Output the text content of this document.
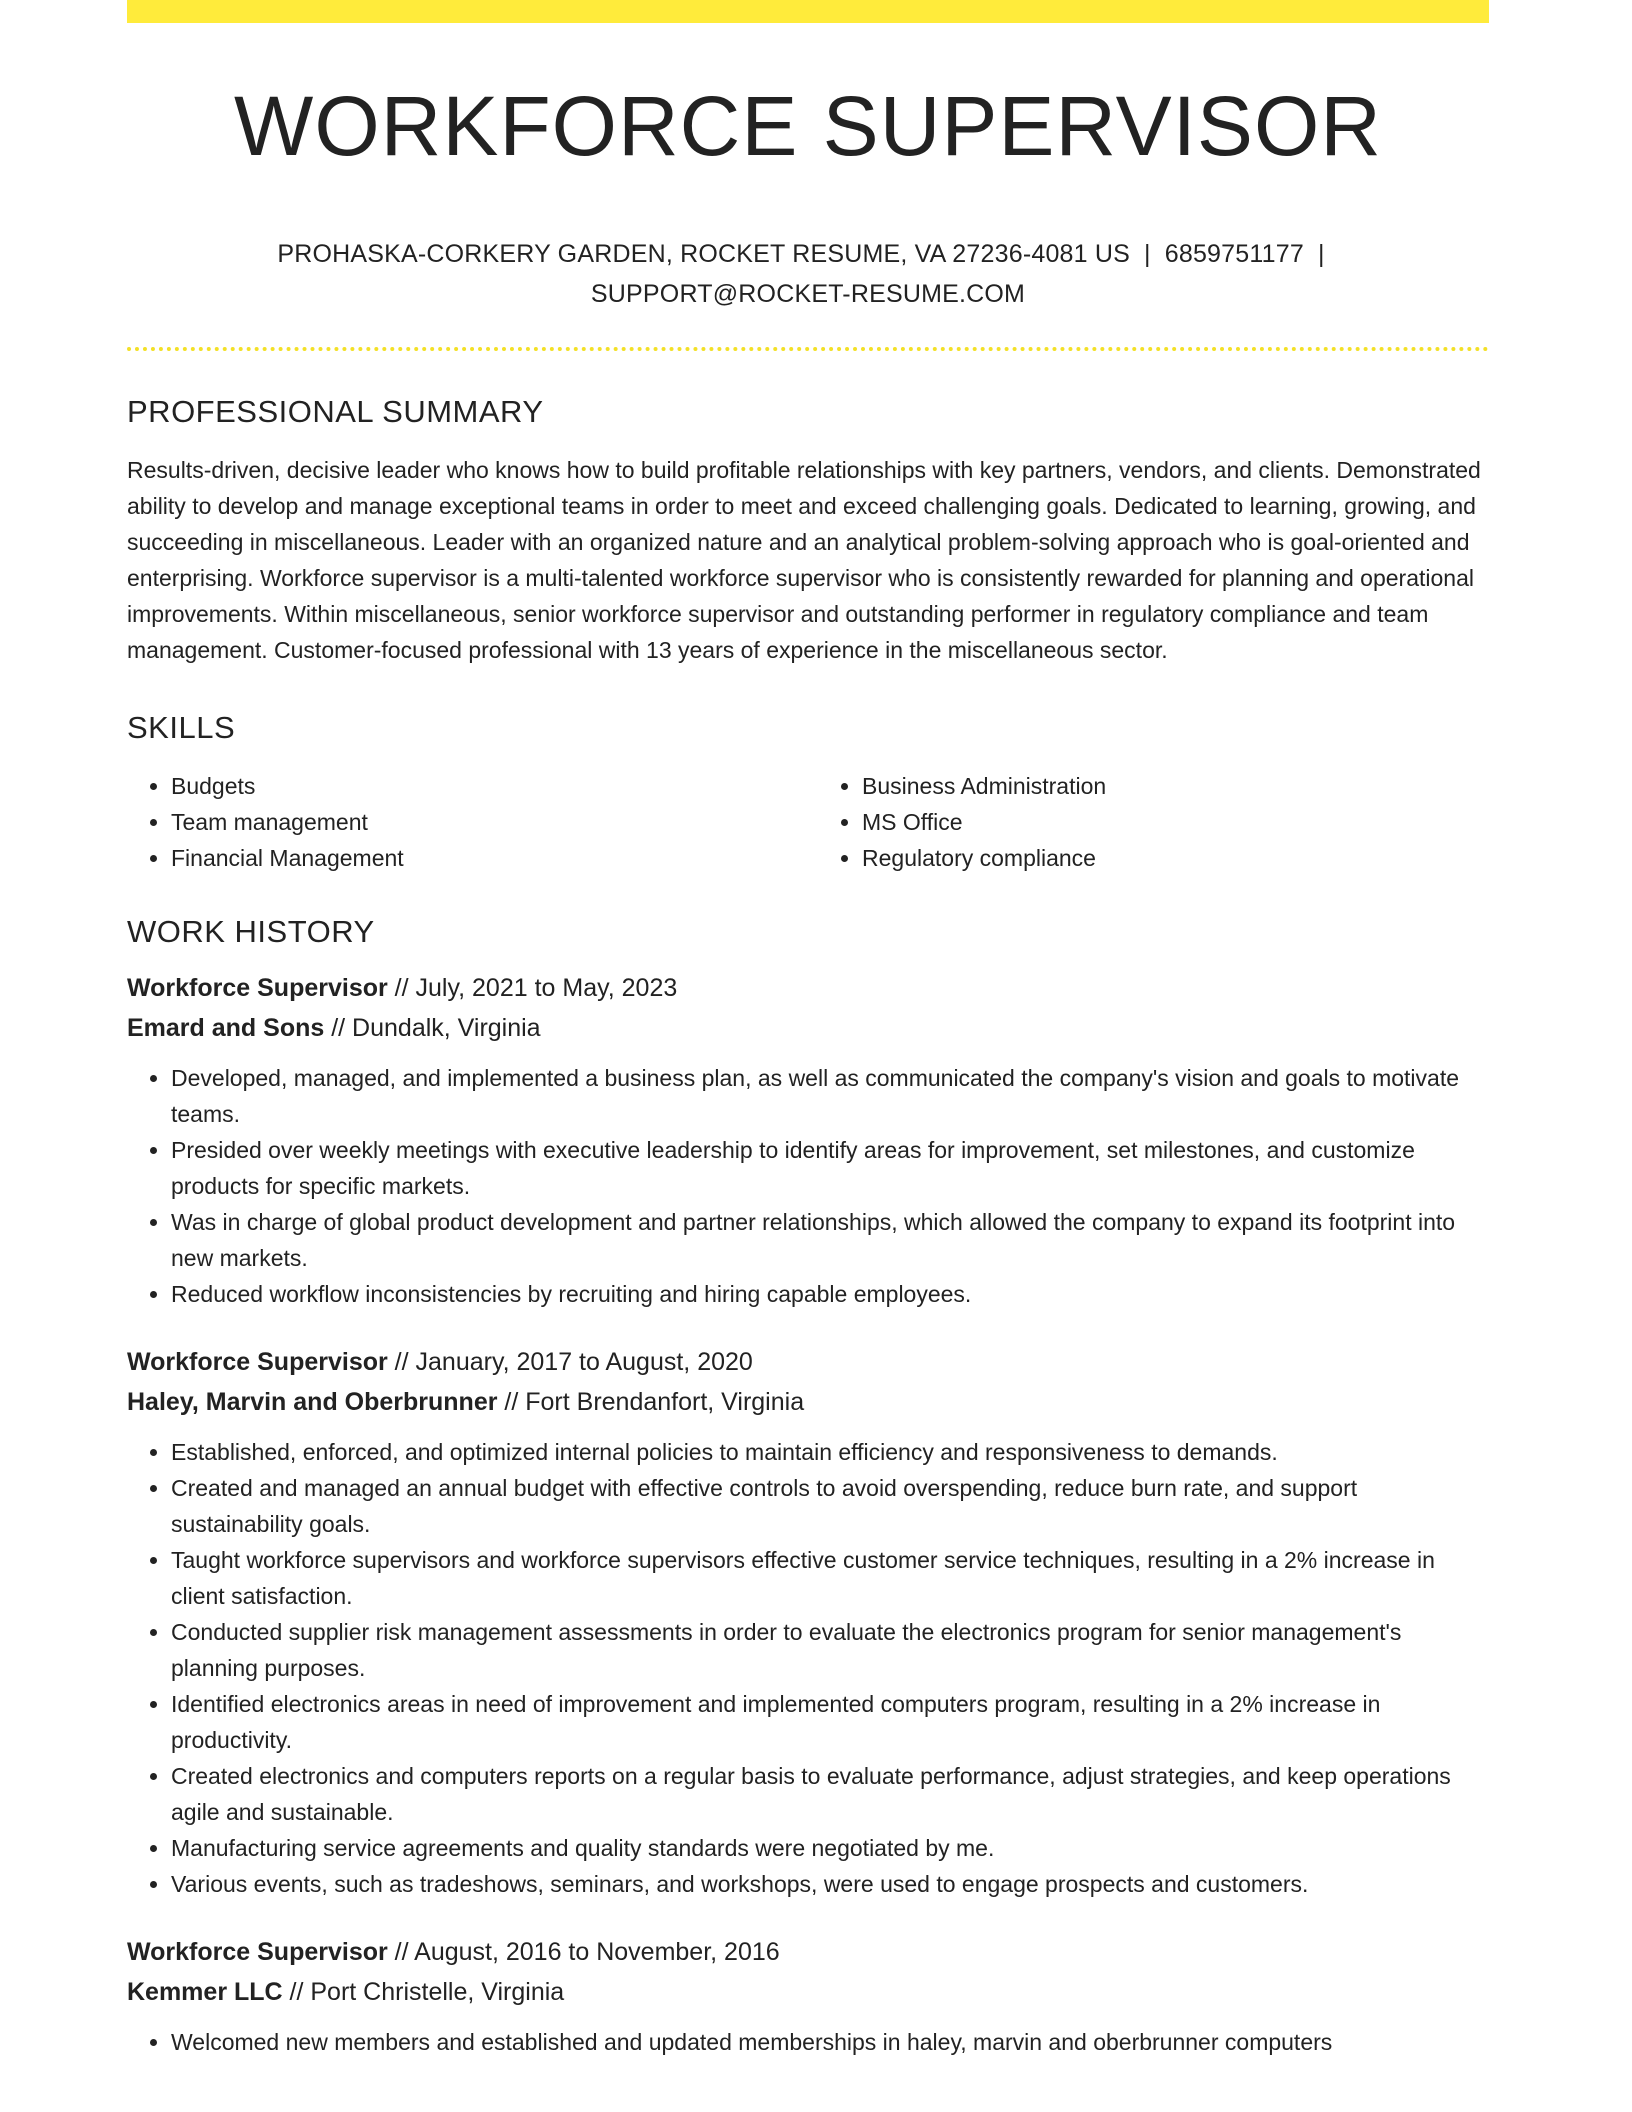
WORKFORCE SUPERVISOR
PROHASKA-CORKERY GARDEN, ROCKET RESUME, VA 27236-4081 US | 6859751177 |
SUPPORT@ROCKET-RESUME.COM
PROFESSIONAL SUMMARY
Results-driven, decisive leader who knows how to build profitable relationships with key partners, vendors, and clients. Demonstrated ability to develop and manage exceptional teams in order to meet and exceed challenging goals. Dedicated to learning, growing, and succeeding in miscellaneous. Leader with an organized nature and an analytical problem-solving approach who is goal-oriented and enterprising. Workforce supervisor is a multi-talented workforce supervisor who is consistently rewarded for planning and operational improvements. Within miscellaneous, senior workforce supervisor and outstanding performer in regulatory compliance and team management. Customer-focused professional with 13 years of experience in the miscellaneous sector.
SKILLS
• Budgets
• Team management
• Financial Management
• Business Administration
• MS Office
• Regulatory compliance
WORK HISTORY
Workforce Supervisor // July, 2021 to May, 2023
Emard and Sons // Dundalk, Virginia
• Developed, managed, and implemented a business plan, as well as communicated the company's vision and goals to motivate teams.
• Presided over weekly meetings with executive leadership to identify areas for improvement, set milestones, and customize products for specific markets.
• Was in charge of global product development and partner relationships, which allowed the company to expand its footprint into new markets.
• Reduced workflow inconsistencies by recruiting and hiring capable employees.
Workforce Supervisor // January, 2017 to August, 2020
Haley, Marvin and Oberbrunner // Fort Brendanfort, Virginia
• Established, enforced, and optimized internal policies to maintain efficiency and responsiveness to demands.
• Created and managed an annual budget with effective controls to avoid overspending, reduce burn rate, and support sustainability goals.
• Taught workforce supervisors and workforce supervisors effective customer service techniques, resulting in a 2% increase in client satisfaction.
• Conducted supplier risk management assessments in order to evaluate the electronics program for senior management's planning purposes.
• Identified electronics areas in need of improvement and implemented computers program, resulting in a 2% increase in productivity.
• Created electronics and computers reports on a regular basis to evaluate performance, adjust strategies, and keep operations agile and sustainable.
• Manufacturing service agreements and quality standards were negotiated by me.
• Various events, such as tradeshows, seminars, and workshops, were used to engage prospects and customers.
Workforce Supervisor // August, 2016 to November, 2016
Kemmer LLC // Port Christelle, Virginia
• Welcomed new members and established and updated memberships in haley, marvin and oberbrunner computers
